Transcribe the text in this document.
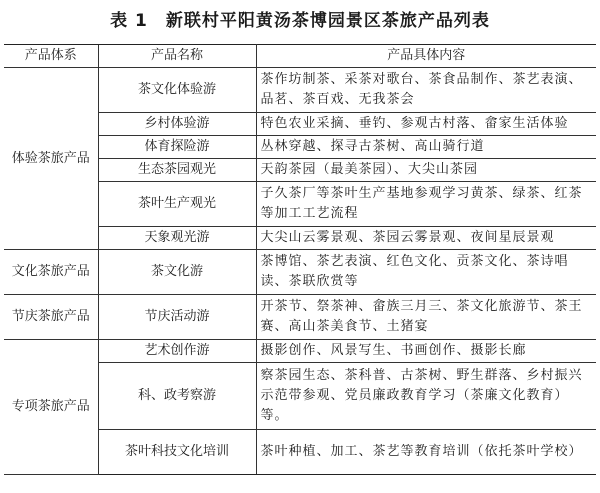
表 1 新联村平阳黄汤茶博园景区茶旅产品列表
产品体系	产品名称	产品具体内容
体验茶旅产品	茶文化体验游	茶作坊制茶、采茶对歌台、茶食品制作、茶艺表演、品茗、茶百戏、无我茶会
	乡村体验游	特色农业采摘、垂钓、参观古村落、畲家生活体验
	体育探险游	丛林穿越、探寻古茶树、高山骑行道
	生态茶园观光	天韵茶园（最美茶园）、大尖山茶园
	茶叶生产观光	子久茶厂等茶叶生产基地参观学习黄茶、绿茶、红茶等加工工艺流程
	天象观光游	大尖山云雾景观、茶园云雾景观、夜间星辰景观
文化茶旅产品	茶文化游	茶博馆、茶艺表演、红色文化、贡茶文化、茶诗唱读、茶联欣赏等
节庆茶旅产品	节庆活动游	开茶节、祭茶神、畲族三月三、茶文化旅游节、茶王赛、高山茶美食节、土猪宴
专项茶旅产品	艺术创作游	摄影创作、风景写生、书画创作、摄影长廊
	科、政考察游	察茶园生态、茶科普、古茶树、野生群落、乡村振兴示范带参观、党员廉政教育学习（茶廉文化教育）等。
	茶叶科技文化培训	茶叶种植、加工、茶艺等教育培训（依托茶叶学校）
